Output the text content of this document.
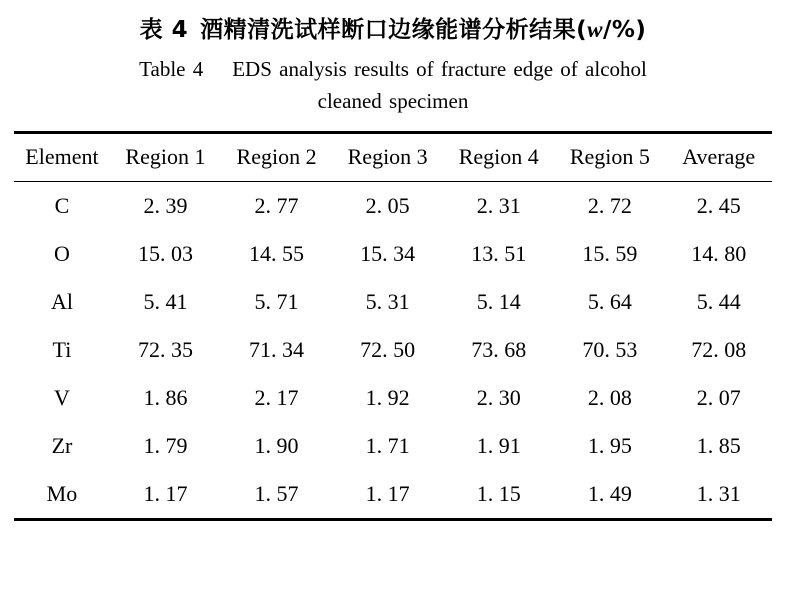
表 4 酒精清洗试样断口边缘能谱分析结果(w/%)
Table 4 EDS analysis results of fracture edge of alcohol
cleaned specimen
Element	Region 1	Region 2	Region 3	Region 4	Region 5	Average
C	2. 39	2. 77	2. 05	2. 31	2. 72	2. 45
O	15. 03	14. 55	15. 34	13. 51	15. 59	14. 80
Al	5. 41	5. 71	5. 31	5. 14	5. 64	5. 44
Ti	72. 35	71. 34	72. 50	73. 68	70. 53	72. 08
V	1. 86	2. 17	1. 92	2. 30	2. 08	2. 07
Zr	1. 79	1. 90	1. 71	1. 91	1. 95	1. 85
Mo	1. 17	1. 57	1. 17	1. 15	1. 49	1. 31
